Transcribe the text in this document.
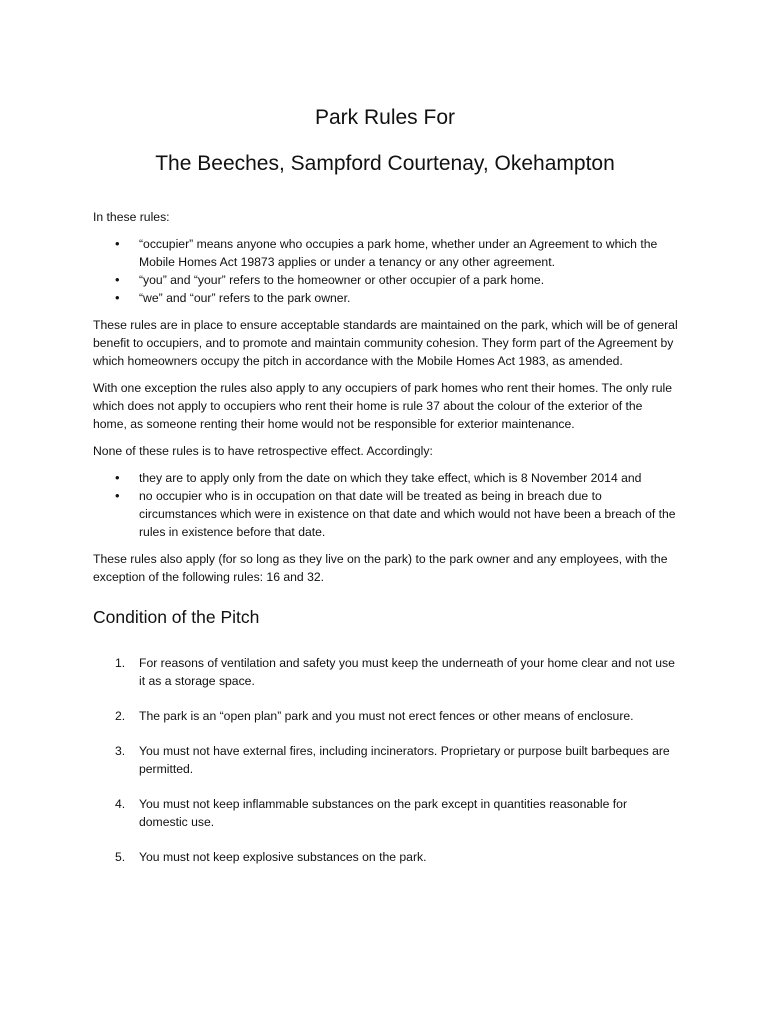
Park Rules For
The Beeches, Sampford Courtenay, Okehampton

In these rules:

• “occupier” means anyone who occupies a park home, whether under an Agreement to which the Mobile Homes Act 19873 applies or under a tenancy or any other agreement.
• “you” and “your” refers to the homeowner or other occupier of a park home.
• “we” and “our” refers to the park owner.

These rules are in place to ensure acceptable standards are maintained on the park, which will be of general benefit to occupiers, and to promote and maintain community cohesion. They form part of the Agreement by which homeowners occupy the pitch in accordance with the Mobile Homes Act 1983, as amended.

With one exception the rules also apply to any occupiers of park homes who rent their homes. The only rule which does not apply to occupiers who rent their home is rule 37 about the colour of the exterior of the home, as someone renting their home would not be responsible for exterior maintenance.

None of these rules is to have retrospective effect. Accordingly:

• they are to apply only from the date on which they take effect, which is 8 November 2014 and
• no occupier who is in occupation on that date will be treated as being in breach due to circumstances which were in existence on that date and which would not have been a breach of the rules in existence before that date.

These rules also apply (for so long as they live on the park) to the park owner and any employees, with the exception of the following rules: 16 and 32.

Condition of the Pitch
1. For reasons of ventilation and safety you must keep the underneath of your home clear and not use it as a storage space.
2. The park is an “open plan” park and you must not erect fences or other means of enclosure.
3. You must not have external fires, including incinerators. Proprietary or purpose built barbeques are permitted.
4. You must not keep inflammable substances on the park except in quantities reasonable for domestic use.
5. You must not keep explosive substances on the park.
